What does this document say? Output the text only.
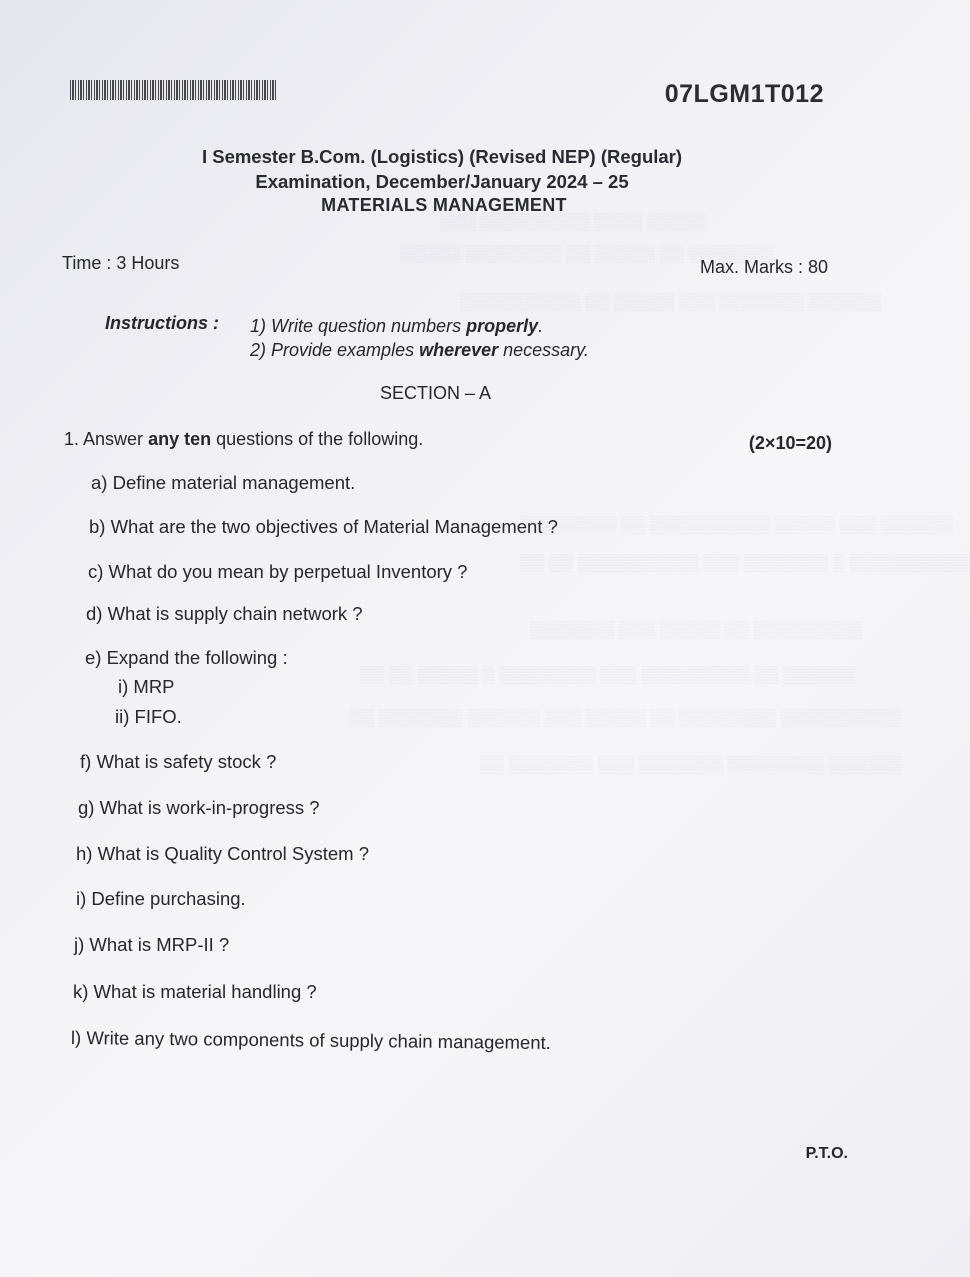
▒▒▒▒▒ ▒▒▒▒ ▒▒▒▒▒▒▒▒▒ ▒▒▒
▒▒▒▒▒▒▒ ▒▒ ▒▒▒▒▒ ▒▒ ▒▒▒▒▒▒▒▒ ▒▒▒▒▒
▒▒▒▒▒▒ ▒▒▒▒▒▒▒ ▒▒▒ ▒▒▒▒▒ ▒▒ ▒▒▒▒▒▒▒▒▒▒
▒▒▒▒▒▒ ▒▒▒ ▒▒▒▒▒ ▒▒▒▒▒▒▒▒▒▒ ▒▒ ▒▒▒▒▒▒▒▒
▒▒▒▒▒▒▒▒▒▒ ▒ ▒▒▒▒▒▒▒ ▒▒▒ ▒▒▒▒▒▒▒▒▒▒ ▒▒ ▒▒
▒▒▒▒▒▒▒▒▒ ▒▒ ▒▒▒▒▒ ▒▒▒ ▒▒▒▒▒▒▒
▒▒▒▒▒▒ ▒▒ ▒▒▒▒▒▒▒▒▒ ▒▒▒ ▒▒▒▒▒▒▒▒ ▒ ▒▒▒▒▒ ▒▒ ▒▒
▒▒▒▒▒▒▒▒▒▒ ▒▒▒▒▒▒▒▒ ▒▒ ▒▒▒▒▒ ▒▒▒ ▒▒▒▒▒▒ ▒▒▒▒▒▒▒ ▒▒
▒▒▒▒▒▒ ▒▒▒▒▒▒▒▒ ▒▒▒▒▒▒▒ ▒▒▒ ▒▒▒▒▒▒▒ ▒▒
07LGM1T012
I Semester B.Com. (Logistics) (Revised NEP) (Regular)
Examination, December/January 2024 – 25
MATERIALS MANAGEMENT
Time : 3 Hours	Max. Marks : 80
Instructions : 1) Write question numbers properly.
2) Provide examples wherever necessary.
SECTION – A
1. Answer any ten questions of the following.	(2×10=20)
a) Define material management.
b) What are the two objectives of Material Management ?
c) What do you mean by perpetual Inventory ?
d) What is supply chain network ?
e) Expand the following :
i) MRP
ii) FIFO.
f) What is safety stock ?
g) What is work-in-progress ?
h) What is Quality Control System ?
i) Define purchasing.
j) What is MRP-II ?
k) What is material handling ?
l) Write any two components of supply chain management.
P.T.O.
